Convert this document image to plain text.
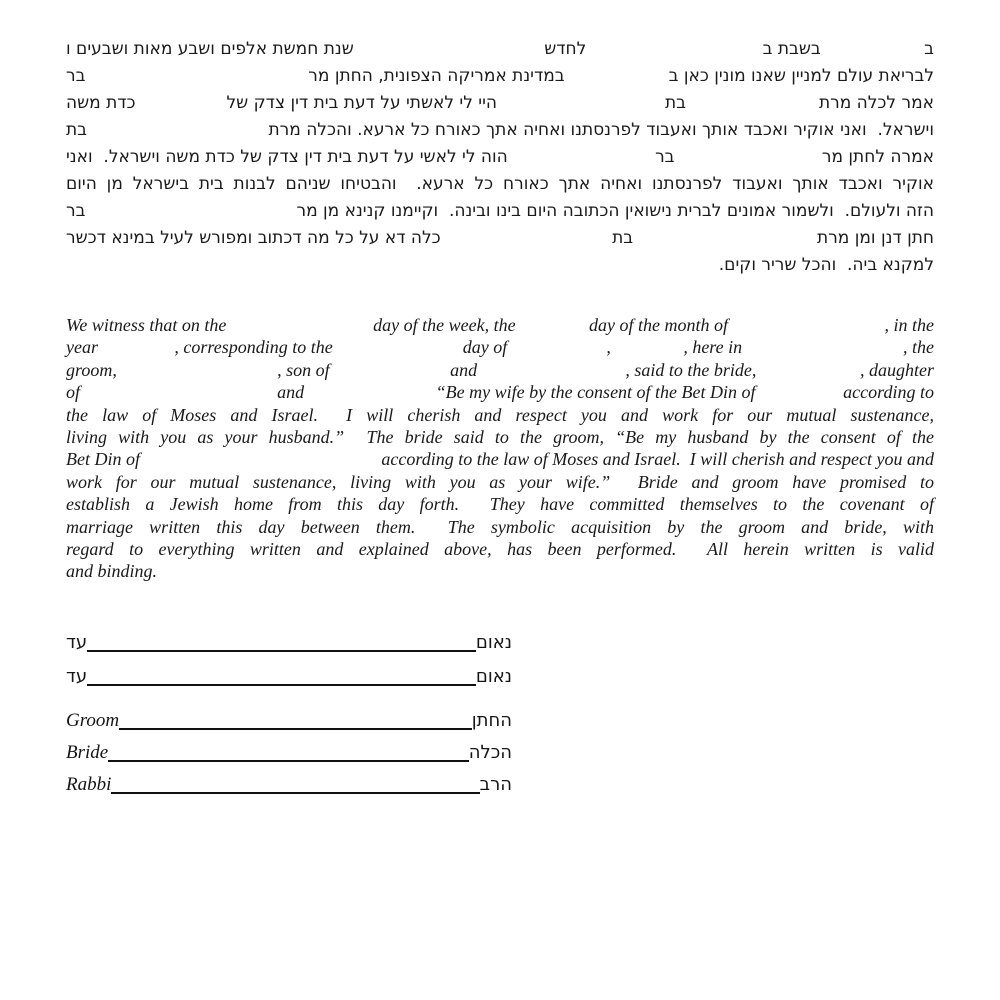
ב
בשבת ב
לחדש
שנת חמשת אלפים ושבע מאות ושבעים ו
לבריאת עולם למניין שאנו מונין כאן ב
במדינת אמריקה הצפונית, החתן מר
בר
אמר לכלה מרת
בת
היי לי לאשתי על דעת בית דין צדק של
כדת משה
וישראל.  ואני אוקיר ואכבד אותך ואעבוד לפרנסתנו ואחיה אתך כאורח כל ארעא. והכלה מרת
בת
אמרה לחתן מר
בר
הוה לי לאשי על דעת בית דין צדק של כדת משה וישראל.  ואני
אוקיר ואכבד אותך ואעבוד לפרנסתנו ואחיה אתך כאורח כל ארעא.  והבטיחו שניהם לבנות בית בישראל מן היום
הזה ולעולם.  ולשמור אמונים לברית נישואין הכתובה היום בינו ובינה.  וקיימנו קנינא מן מר
בר
חתן דנן ומן מרת
בת
כלה דא על כל מה דכתוב ומפורש לעיל במינא דכשר
למקנא ביה.  והכל שריר וקים.
We witness that on the	day of the week, the	day of the month of	, in the
year	, corresponding to the	day of	,	, here in	, the
groom,	, son of	and	, said to the bride,	, daughter
of	and	“Be my wife by the consent of the Bet Din of	according to
the law of Moses and Israel.  I will cherish and respect you and work for our mutual sustenance,
living with you as your husband.”  The bride said to the groom, “Be my husband by the consent of the
Bet Din of	according to the law of Moses and Israel.  I will cherish and respect you and
work for our mutual sustenance, living with you as your wife.”  Bride and groom have promised to
establish a Jewish home from this day forth.  They have committed themselves to the covenant of
marriage written this day between them.  The symbolic acquisition by the groom and bride, with
regard to everything written and explained above, has been performed.  All herein written is valid
and binding.
נאום
עד
נאום
עד
Groom	החתן
Bride	הכלה
Rabbi	הרב
